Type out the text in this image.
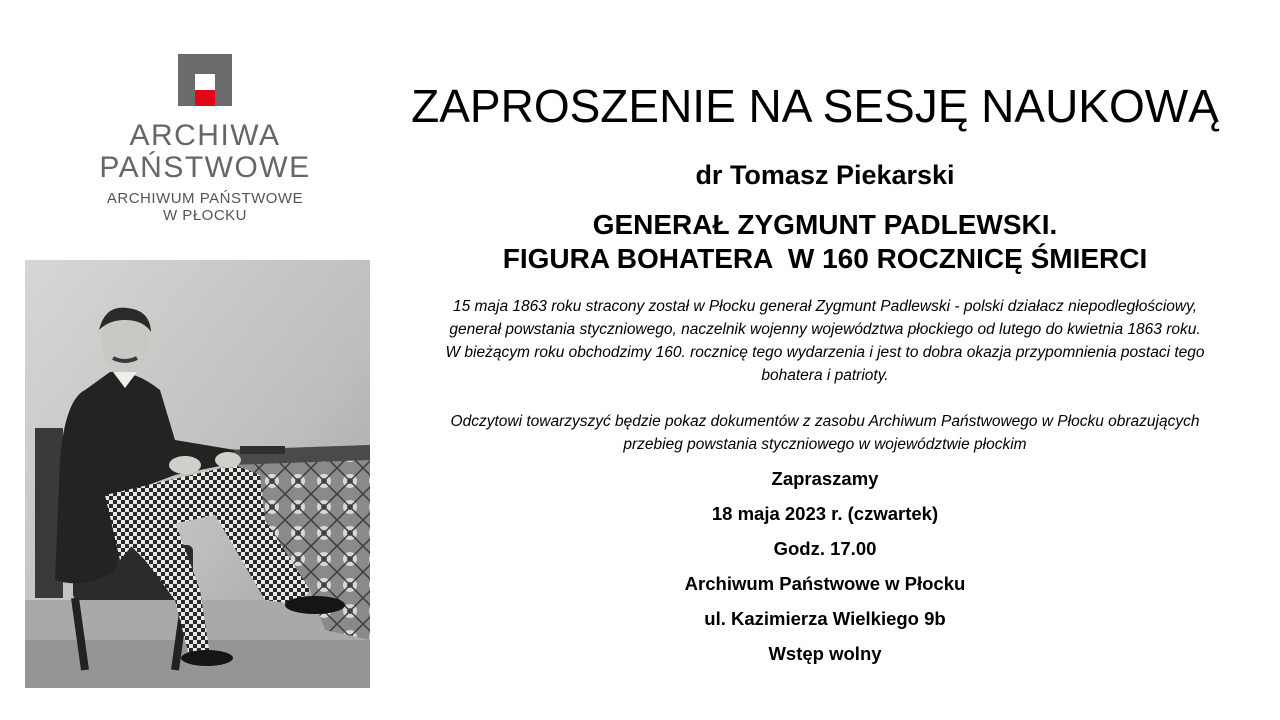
ARCHIWA
PAŃSTWOWE
ARCHIWUM PAŃSTWOWE
W PŁOCKU
ZAPROSZENIE NA SESJĘ NAUKOWĄ
dr Tomasz Piekarski
GENERAŁ ZYGMUNT PADLEWSKI.
FIGURA BOHATERA  W 160 ROCZNICĘ ŚMIERCI
15 maja 1863 roku stracony został w Płocku generał Zygmunt Padlewski - polski działacz niepodległościowy,
generał powstania styczniowego, naczelnik wojenny województwa płockiego od lutego do kwietnia 1863 roku.
W bieżącym roku obchodzimy 160. rocznicę tego wydarzenia i jest to dobra okazja przypomnienia postaci tego
bohatera i patrioty.
Odczytowi towarzyszyć będzie pokaz dokumentów z zasobu Archiwum Państwowego w Płocku obrazujących
przebieg powstania styczniowego w województwie płockim
Zapraszamy
18 maja 2023 r. (czwartek)
Godz. 17.00
Archiwum Państwowe w Płocku
ul. Kazimierza Wielkiego 9b
Wstęp wolny
